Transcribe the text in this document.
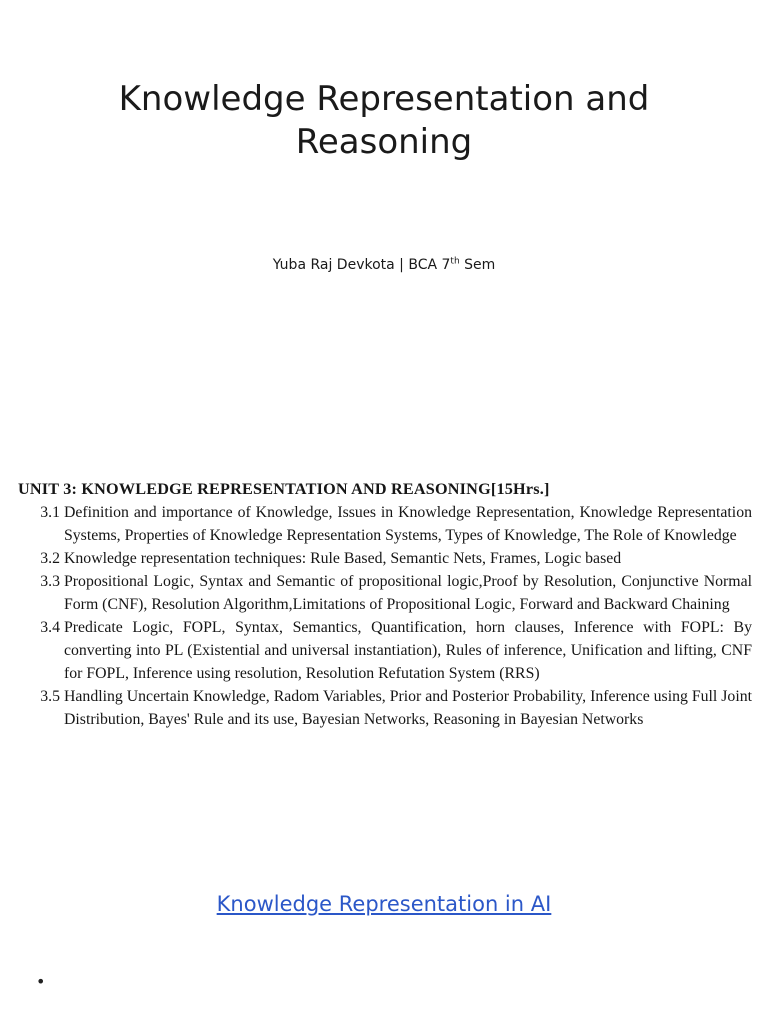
Knowledge Representation and
Reasoning
Yuba Raj Devkota | BCA 7th Sem
UNIT 3: KNOWLEDGE REPRESENTATION AND REASONING[15Hrs.]
3.1 Definition and importance of Knowledge, Issues in Knowledge Representation, Knowledge Representation Systems, Properties of Knowledge Representation Systems, Types of Knowledge, The Role of Knowledge
3.2 Knowledge representation techniques: Rule Based, Semantic Nets, Frames, Logic based
3.3 Propositional Logic, Syntax and Semantic of propositional logic,Proof by Resolution, Conjunctive Normal Form (CNF), Resolution Algorithm,Limitations of Propositional Logic, Forward and Backward Chaining
3.4 Predicate Logic, FOPL, Syntax, Semantics, Quantification, horn clauses, Inference with FOPL: By converting into PL (Existential and universal instantiation), Rules of inference, Unification and lifting, CNF for FOPL, Inference using resolution, Resolution Refutation System (RRS)
3.5 Handling Uncertain Knowledge, Radom Variables, Prior and Posterior Probability, Inference using Full Joint Distribution, Bayes' Rule and its use, Bayesian Networks, Reasoning in Bayesian Networks
Knowledge Representation in AI
•
